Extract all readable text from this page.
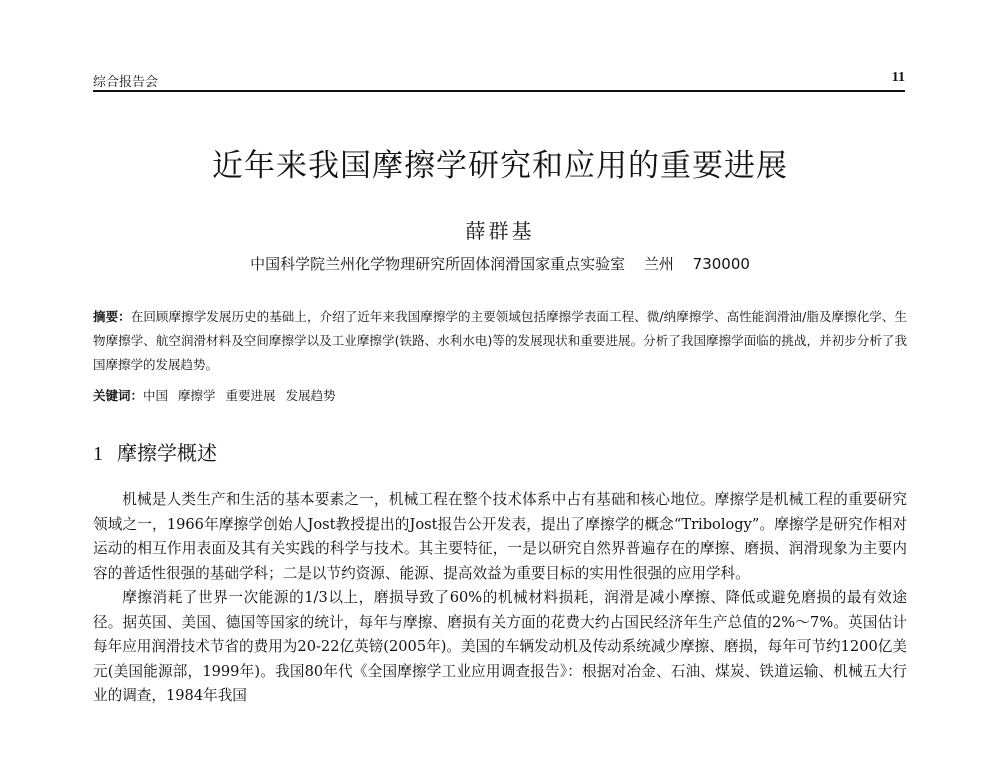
综合报告会	11
近年来我国摩擦学研究和应用的重要进展
薛群基
中国科学院兰州化学物理研究所固体润滑国家重点实验室 兰州 730000
摘要：在回顾摩擦学发展历史的基础上，介绍了近年来我国摩擦学的主要领域包括摩擦学表面工程、微/纳摩擦学、高性能润滑油/脂及摩擦化学、生物摩擦学、航空润滑材料及空间摩擦学以及工业摩擦学(铁路、水利水电)等的发展现状和重要进展。分析了我国摩擦学面临的挑战，并初步分析了我国摩擦学的发展趋势。
关键词：中国 摩擦学 重要进展 发展趋势
1 摩擦学概述

机械是人类生产和生活的基本要素之一，机械工程在整个技术体系中占有基础和核心地位。摩擦学是机械工程的重要研究领域之一，1966年摩擦学创始人Jost教授提出的Jost报告公开发表，提出了摩擦学的概念“Tribology”。摩擦学是研究作相对运动的相互作用表面及其有关实践的科学与技术。其主要特征，一是以研究自然界普遍存在的摩擦、磨损、润滑现象为主要内容的普适性很强的基础学科；二是以节约资源、能源、提高效益为重要目标的实用性很强的应用学科。

摩擦消耗了世界一次能源的1/3以上，磨损导致了60%的机械材料损耗，润滑是减小摩擦、降低或避免磨损的最有效途径。据英国、美国、德国等国家的统计，每年与摩擦、磨损有关方面的花费大约占国民经济年生产总值的2%～7%。英国估计每年应用润滑技术节省的费用为20-22亿英镑(2005年)。美国的车辆发动机及传动系统减少摩擦、磨损，每年可节约1200亿美元(美国能源部，1999年)。我国80年代《全国摩擦学工业应用调查报告》：根据对冶金、石油、煤炭、铁道运输、机械五大行业的调查，1984年我国
